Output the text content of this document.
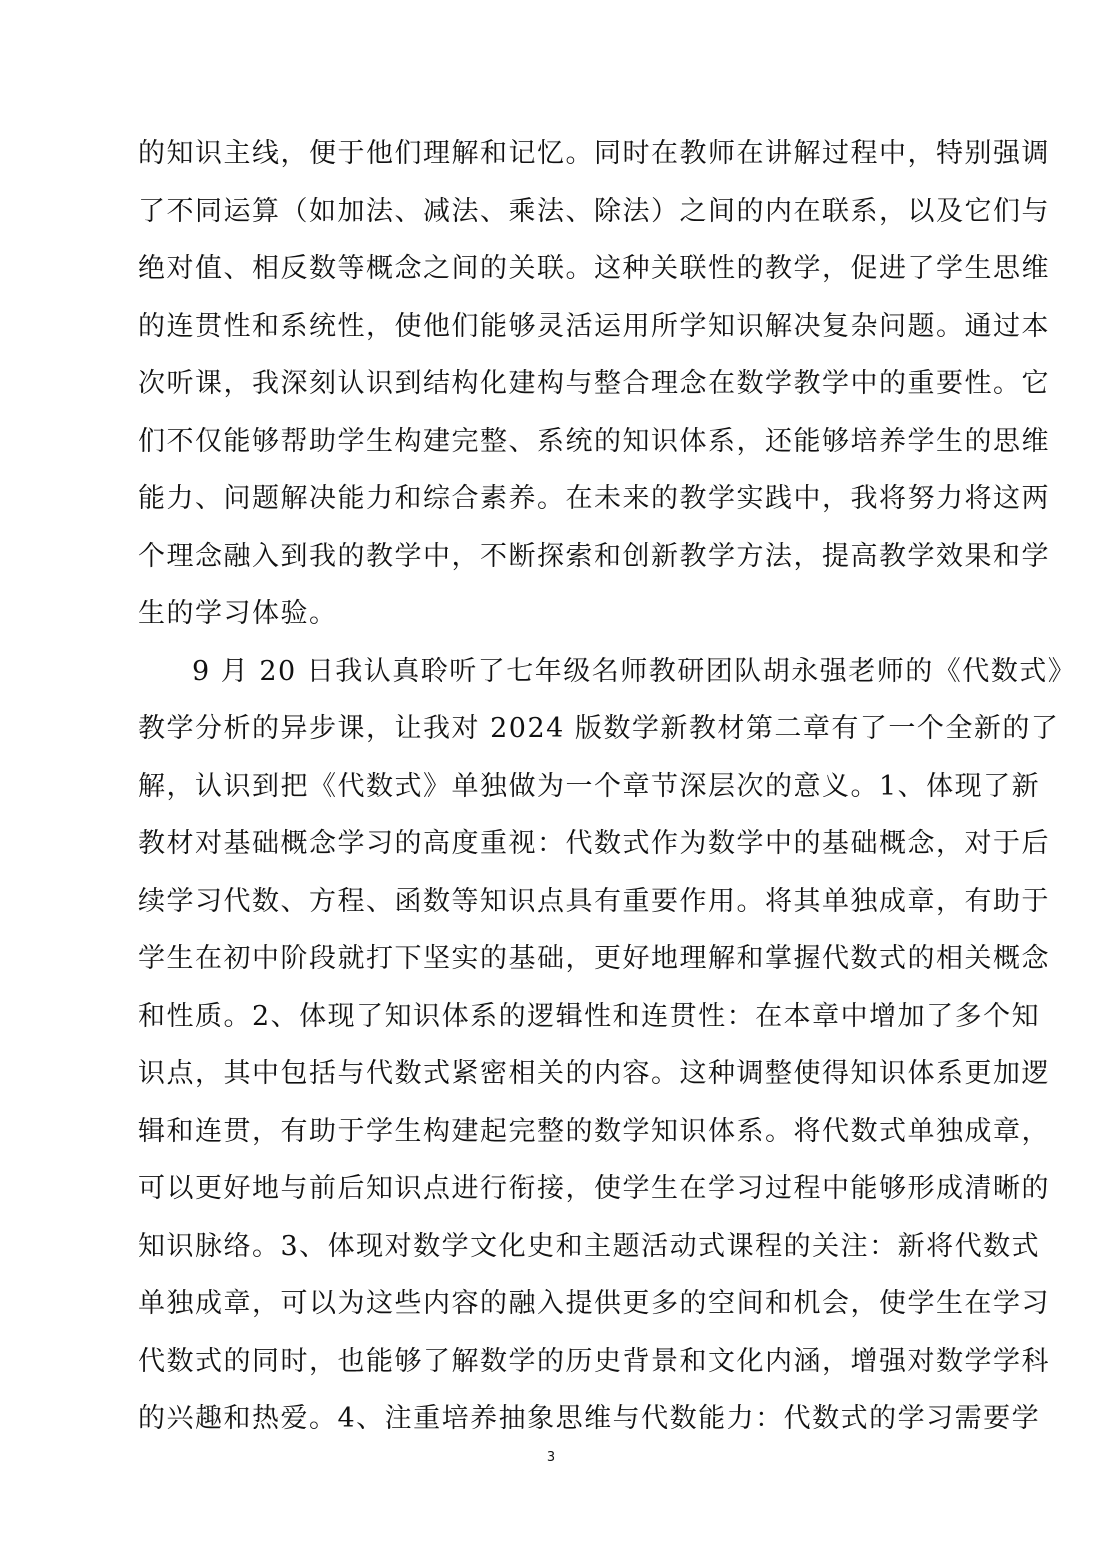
的知识主线，便于他们理解和记忆。同时在教师在讲解过程中，特别强调
了不同运算（如加法、减法、乘法、除法）之间的内在联系，以及它们与
绝对值、相反数等概念之间的关联。这种关联性的教学，促进了学生思维
的连贯性和系统性，使他们能够灵活运用所学知识解决复杂问题。通过本
次听课，我深刻认识到结构化建构与整合理念在数学教学中的重要性。它
们不仅能够帮助学生构建完整、系统的知识体系，还能够培养学生的思维
能力、问题解决能力和综合素养。在未来的教学实践中，我将努力将这两
个理念融入到我的教学中，不断探索和创新教学方法，提高教学效果和学
生的学习体验。
9 月 20 日我认真聆听了七年级名师教研团队胡永强老师的《代数式》
教学分析的异步课，让我对 2024 版数学新教材第二章有了一个全新的了
解，认识到把《代数式》单独做为一个章节深层次的意义。1、体现了新
教材对基础概念学习的高度重视：代数式作为数学中的基础概念，对于后
续学习代数、方程、函数等知识点具有重要作用。将其单独成章，有助于
学生在初中阶段就打下坚实的基础，更好地理解和掌握代数式的相关概念
和性质。2、体现了知识体系的逻辑性和连贯性：在本章中增加了多个知
识点，其中包括与代数式紧密相关的内容。这种调整使得知识体系更加逻
辑和连贯，有助于学生构建起完整的数学知识体系。将代数式单独成章，
可以更好地与前后知识点进行衔接，使学生在学习过程中能够形成清晰的
知识脉络。3、体现对数学文化史和主题活动式课程的关注：新将代数式
单独成章，可以为这些内容的融入提供更多的空间和机会，使学生在学习
代数式的同时，也能够了解数学的历史背景和文化内涵，增强对数学学科
的兴趣和热爱。4、注重培养抽象思维与代数能力：代数式的学习需要学
3
